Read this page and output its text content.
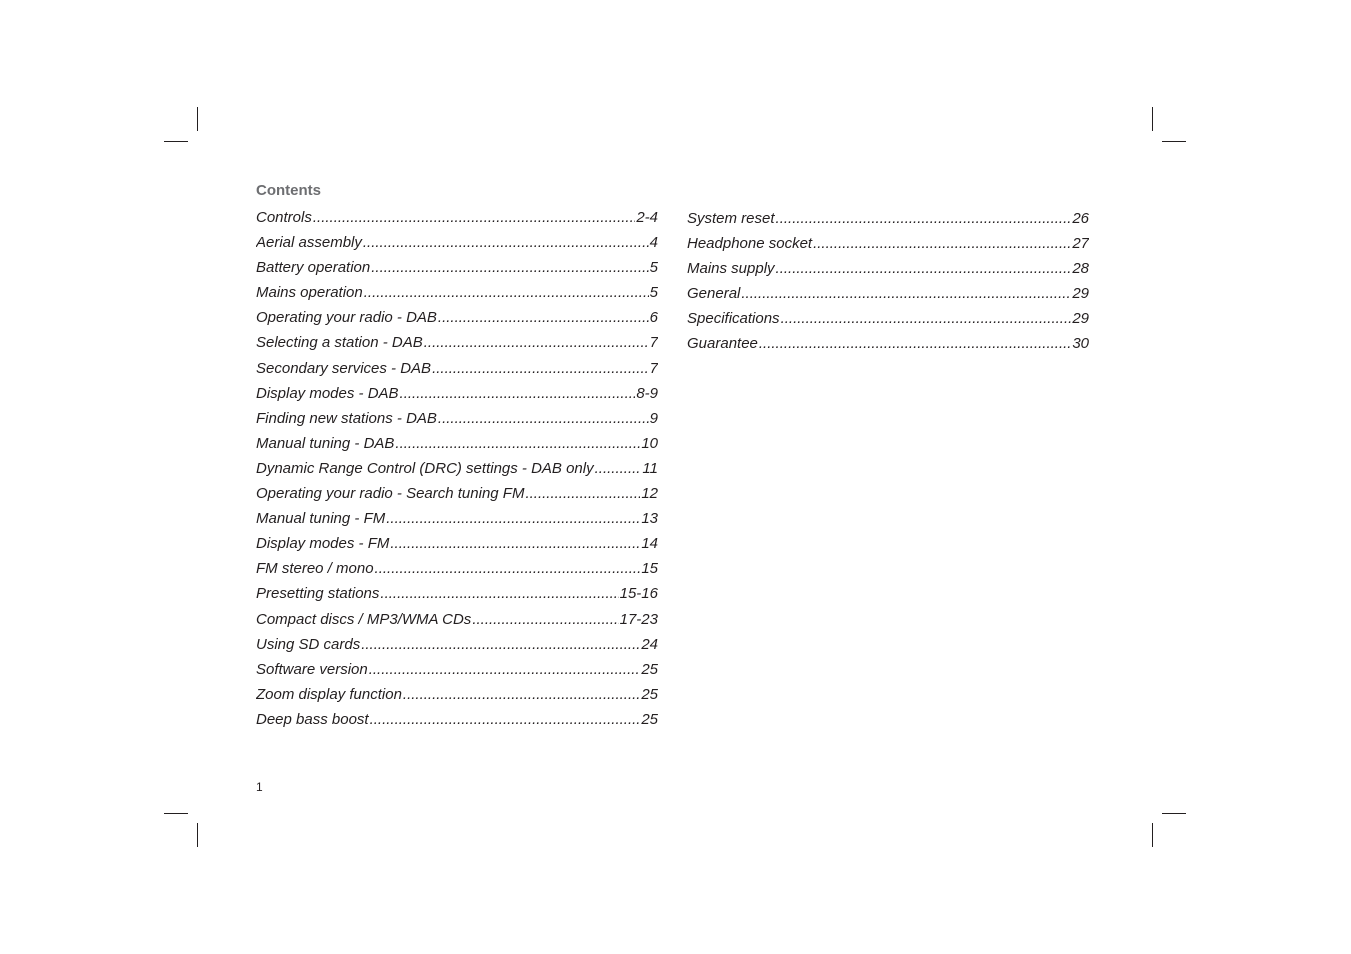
Contents
Controls .....	2-4
Aerial assembly .....	4
Battery operation .....	5
Mains operation .....	5
Operating your radio - DAB .....	6
Selecting a station - DAB .....	7
Secondary services - DAB .....	7
Display modes - DAB .....	8-9
Finding new stations - DAB .....	9
Manual tuning - DAB .....	10
Dynamic Range Control (DRC) settings - DAB only .....	11
Operating your radio - Search tuning FM .....	12
Manual tuning - FM .....	13
Display modes - FM .....	14
FM stereo / mono .....	15
Presetting stations .....	15-16
Compact discs / MP3/WMA CDs .....	17-23
Using SD cards .....	24
Software version .....	25
Zoom display function .....	25
Deep bass boost .....	25
System reset .....	26
Headphone socket .....	27
Mains supply .....	28
General .....	29
Specifications .....	29
Guarantee .....	30

1
